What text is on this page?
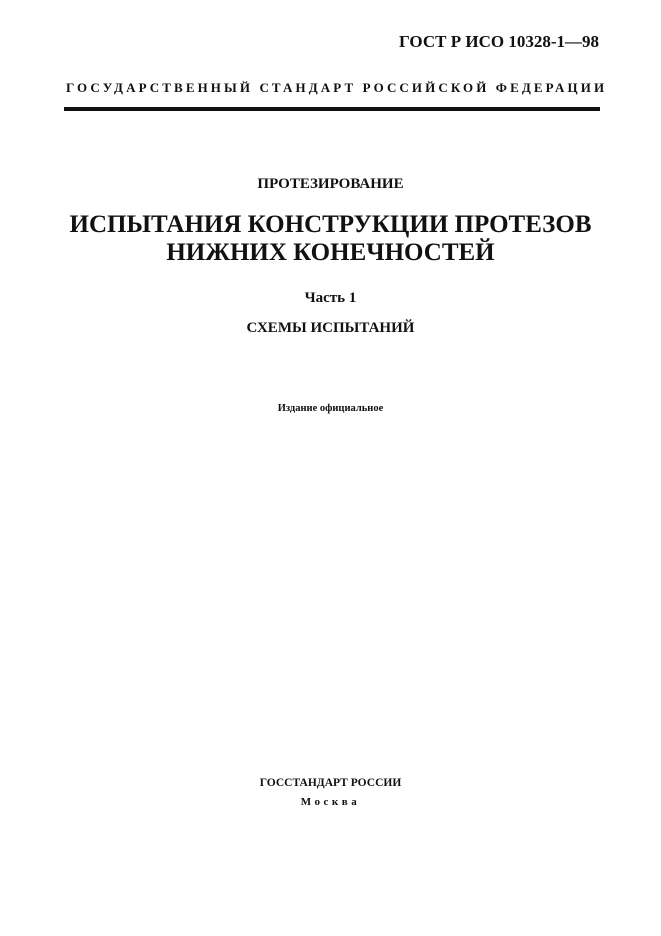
ГОСТ Р ИСО 10328-1—98
ГОСУДАРСТВЕННЫЙ СТАНДАРТ РОССИЙСКОЙ ФЕДЕРАЦИИ
ПРОТЕЗИРОВАНИЕ
ИСПЫТАНИЯ КОНСТРУКЦИИ ПРОТЕЗОВ
НИЖНИХ КОНЕЧНОСТЕЙ
Часть 1
СХЕМЫ ИСПЫТАНИЙ
Издание официальное
ГОССТАНДАРТ РОССИИ
Москва
